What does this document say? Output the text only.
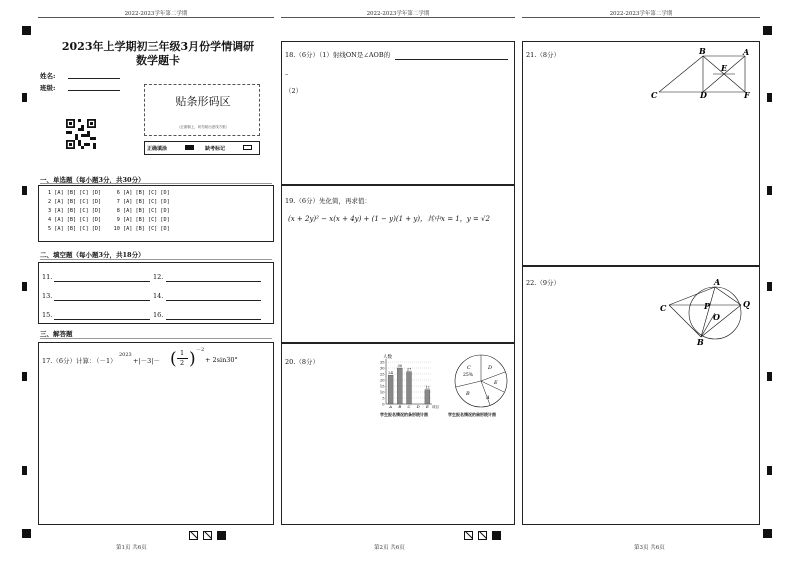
2022-2023学年第二学期	2022-2023学年第二学期	2022-2023学年第二学期
2023年上学期初三年级3月份学情调研
数学题卡
姓名:
班级:
贴条形码区
（正面朝上，切勿贴出虚线方框）
正确填涂	缺考标记
一、单选题（每小题3分，共30分）
1 [A] [B] [C] [D]     6 [A] [B] [C] [D]
2 [A] [B] [C] [D]     7 [A] [B] [C] [D]
3 [A] [B] [C] [D]     8 [A] [B] [C] [D]
4 [A] [B] [C] [D]     9 [A] [B] [C] [D]
5 [A] [B] [C] [D]    10 [A] [B] [C] [D]
二、填空题（每小题3分，共18分）
11.	12.
13.	14.
15.	16.
三、解答题
17.（6分）计算：
（－1）
2023
+|－3|－ ( 1
2 ) －2
+ 2sin30°
18.（6分）（1）射线ON是∠AOB的
–
（2）
19.（6分）先化简，再求值：
(x + 2y)² − x(x + 4y) + (1 − y)(1 + y)，其中x = 1，y = √2
20.（8分）
人数
35
30
25
20
15
10
5
0
24
A
30
B
27
C D
12
E 项目
学生报名情况的条形统计图
C
25%
D
E
A
B
学生报名情况的扇形统计图
21.（8分）	B	A
E
C	D	F
22.（9分）	A
Q
P
C
O
B
第1页 共6页	第2页 共6页	第3页 共6页
